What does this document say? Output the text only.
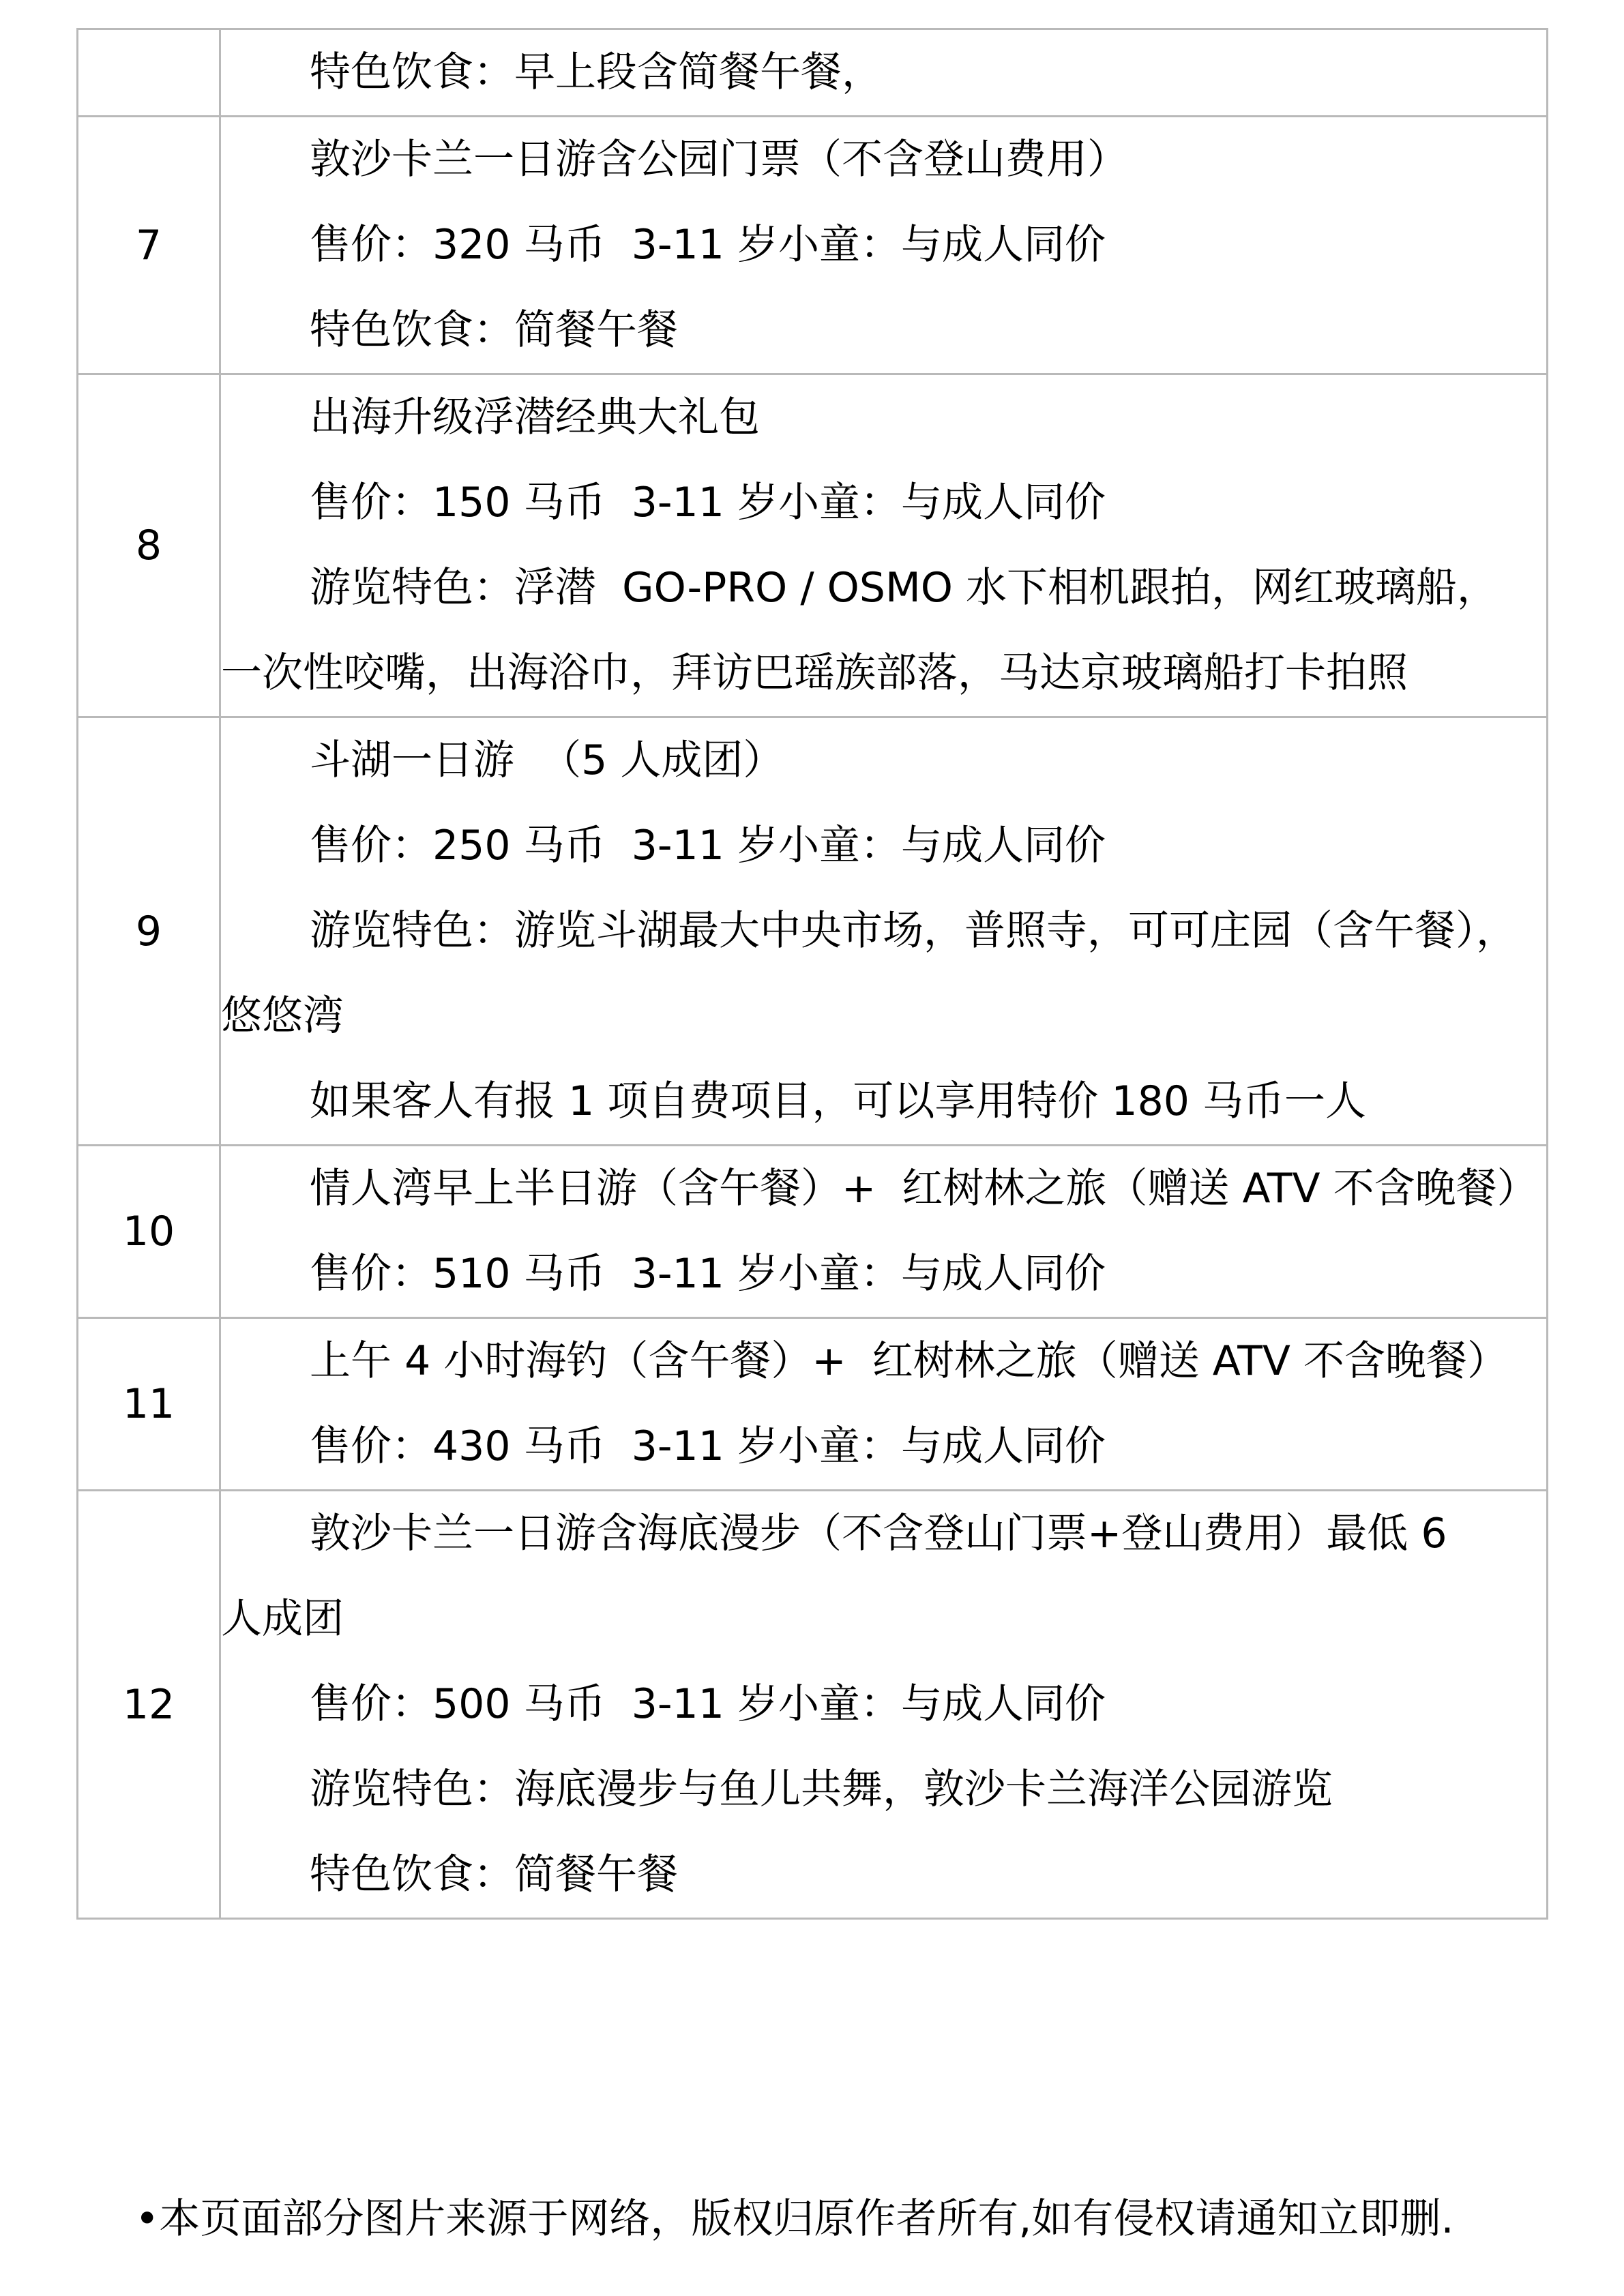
	特色饮食：早上段含简餐午餐，

7	敦沙卡兰一日游含公园门票（不含登山费用）
售价：320 马币  3-11 岁小童：与成人同价
特色饮食：简餐午餐

8	出海升级浮潜经典大礼包
售价：150 马币  3-11 岁小童：与成人同价
游览特色：浮潜  GO-PRO / OSMO 水下相机跟拍，网红玻璃船，
一次性咬嘴，出海浴巾，拜访巴瑶族部落，马达京玻璃船打卡拍照

9	斗湖一日游  （5 人成团）
售价：250 马币  3-11 岁小童：与成人同价
游览特色：游览斗湖最大中央市场，普照寺，可可庄园（含午餐），
悠悠湾
如果客人有报 1 项自费项目，可以享用特价 180 马币一人

10	情人湾早上半日游（含午餐）+  红树林之旅（赠送 ATV 不含晚餐）
售价：510 马币  3-11 岁小童：与成人同价

11	上午 4 小时海钓（含午餐）+  红树林之旅（赠送 ATV 不含晚餐）
售价：430 马币  3-11 岁小童：与成人同价

12	敦沙卡兰一日游含海底漫步（不含登山门票+登山费用）最低 6
人成团
售价：500 马币  3-11 岁小童：与成人同价
游览特色：海底漫步与鱼儿共舞，敦沙卡兰海洋公园游览
特色饮食：简餐午餐
•本页面部分图片来源于网络，版权归原作者所有,如有侵权请通知立即删.
